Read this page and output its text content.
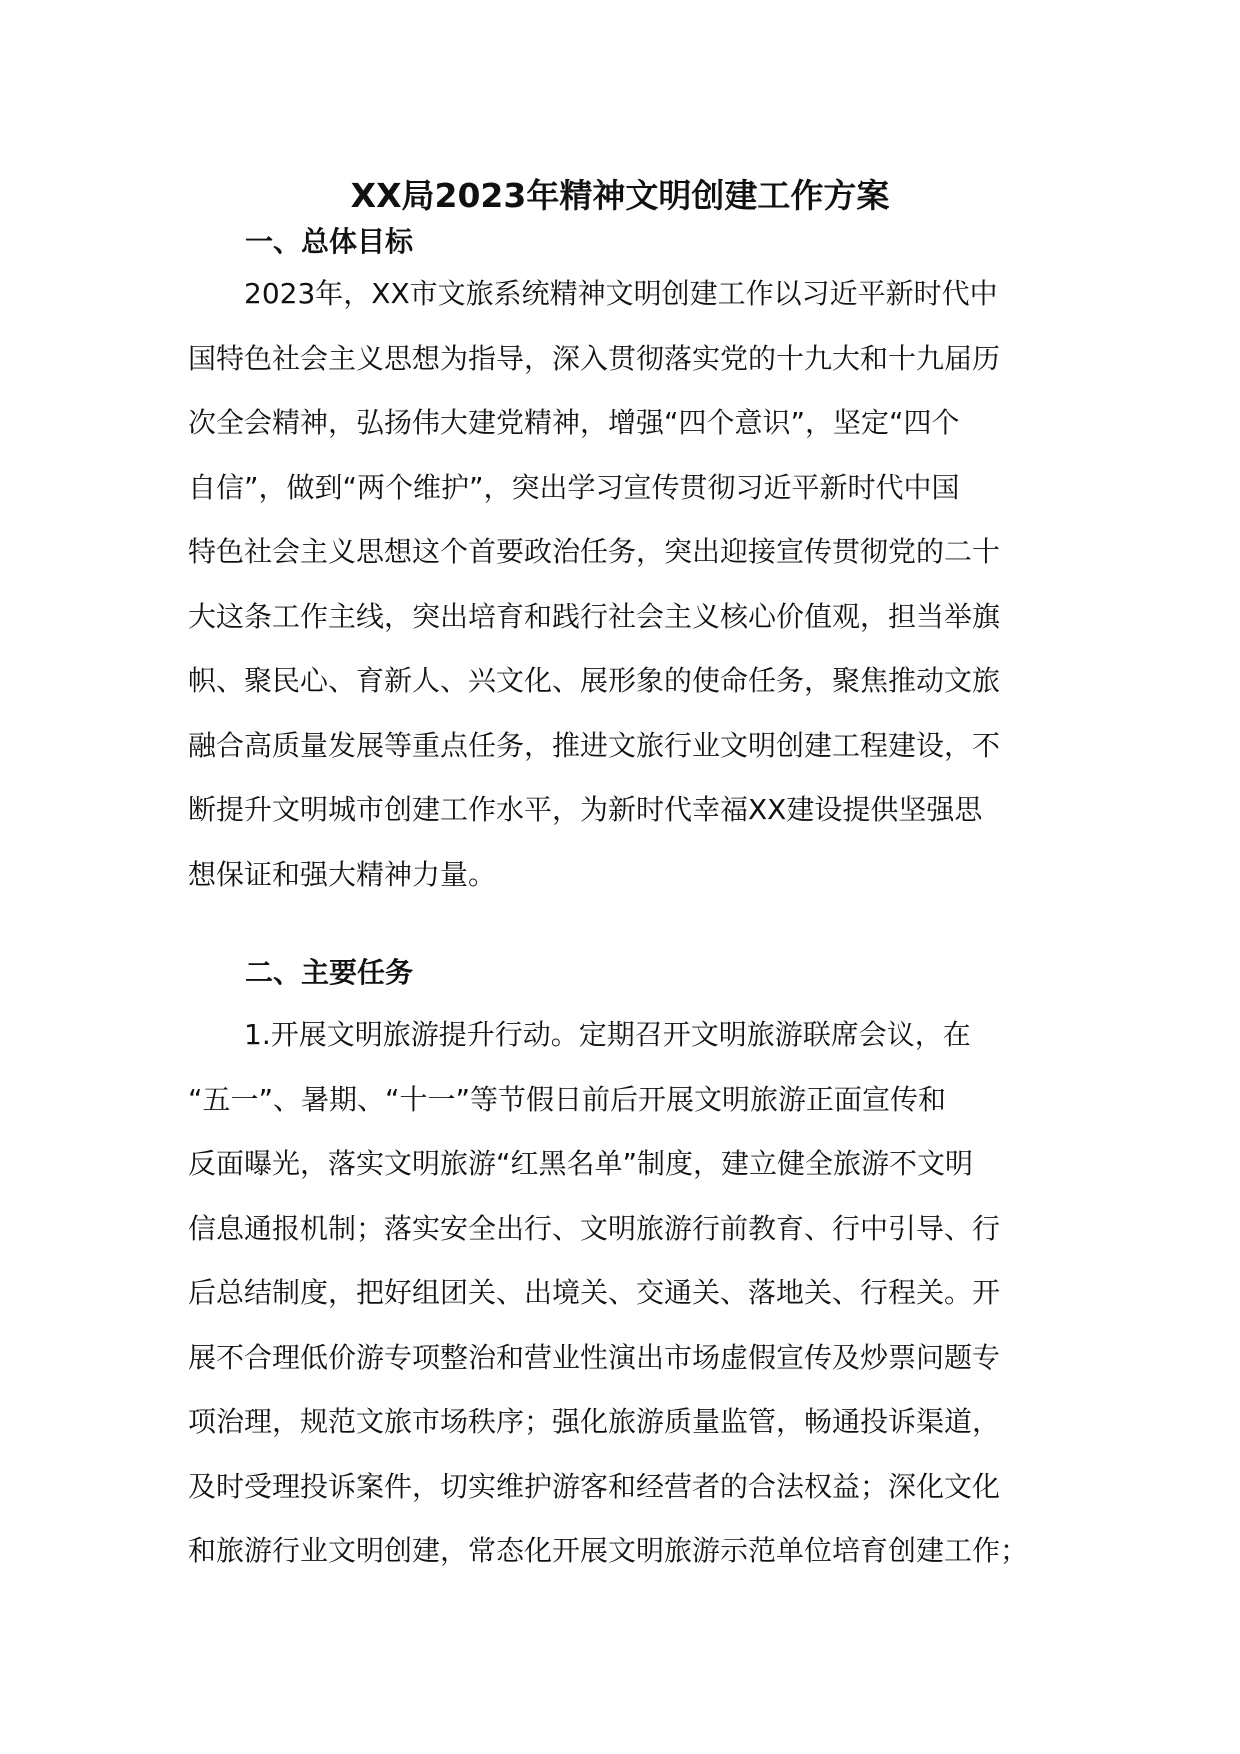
XX局2023年精神文明创建工作方案
一、总体目标
2023年，XX市文旅系统精神文明创建工作以习近平新时代中
国特色社会主义思想为指导，深入贯彻落实党的十九大和十九届历
次全会精神，弘扬伟大建党精神，增强“四个意识”，坚定“四个
自信”，做到“两个维护”，突出学习宣传贯彻习近平新时代中国
特色社会主义思想这个首要政治任务，突出迎接宣传贯彻党的二十
大这条工作主线，突出培育和践行社会主义核心价值观，担当举旗
帜、聚民心、育新人、兴文化、展形象的使命任务，聚焦推动文旅
融合高质量发展等重点任务，推进文旅行业文明创建工程建设，不
断提升文明城市创建工作水平，为新时代幸福XX建设提供坚强思
想保证和强大精神力量。
二、主要任务
1.开展文明旅游提升行动。定期召开文明旅游联席会议，在
“五一”、暑期、“十一”等节假日前后开展文明旅游正面宣传和
反面曝光，落实文明旅游“红黑名单”制度，建立健全旅游不文明
信息通报机制；落实安全出行、文明旅游行前教育、行中引导、行
后总结制度，把好组团关、出境关、交通关、落地关、行程关。开
展不合理低价游专项整治和营业性演出市场虚假宣传及炒票问题专
项治理，规范文旅市场秩序；强化旅游质量监管，畅通投诉渠道，
及时受理投诉案件，切实维护游客和经营者的合法权益；深化文化
和旅游行业文明创建，常态化开展文明旅游示范单位培育创建工作；
